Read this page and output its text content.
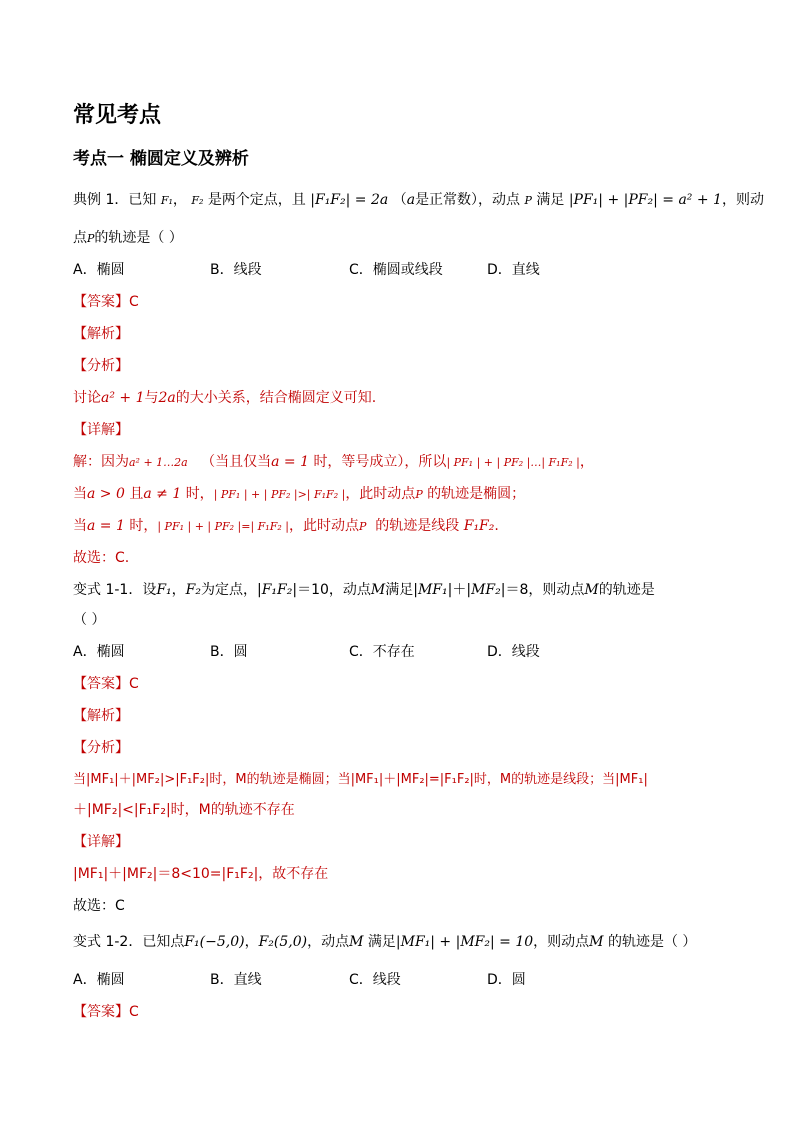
常见考点
考点一 椭圆定义及辨析
典例 1．已知 F₁， F₂ 是两个定点，且 |F₁F₂| = 2a （a是正常数），动点 P 满足 |PF₁| + |PF₂| = a² + 1，则动
点P的轨迹是（ ）
A．椭圆	B．线段	C．椭圆或线段	D．直线
【答案】C
【解析】
【分析】
讨论a² + 1与2a的大小关系，结合椭圆定义可知.
【详解】
解：因为a² + 1…2a （当且仅当a = 1 时，等号成立），所以| PF₁ | + | PF₂ |…| F₁F₂ |，
当a > 0 且a ≠ 1 时，| PF₁ | + | PF₂ |>| F₁F₂ |，此时动点P 的轨迹是椭圆；
当a = 1 时，| PF₁ | + | PF₂ |=| F₁F₂ |，此时动点P 的轨迹是线段 F₁F₂.
故选：C.
变式 1-1．设F₁，F₂为定点，|F₁F₂|＝10，动点M满足|MF₁|＋|MF₂|＝8，则动点M的轨迹是
（ ）
A．椭圆	B．圆	C．不存在	D．线段
【答案】C
【解析】
【分析】
当|MF₁|＋|MF₂|>|F₁F₂|时，M的轨迹是椭圆；当|MF₁|＋|MF₂|=|F₁F₂|时，M的轨迹是线段；当|MF₁|
＋|MF₂|<|F₁F₂|时，M的轨迹不存在
【详解】
|MF₁|＋|MF₂|＝8<10=|F₁F₂|，故不存在
故选：C
变式 1-2．已知点F₁(−5,0)，F₂(5,0)，动点M 满足|MF₁| + |MF₂| = 10，则动点M 的轨迹是（ ）
A．椭圆	B．直线	C．线段	D．圆
【答案】C
